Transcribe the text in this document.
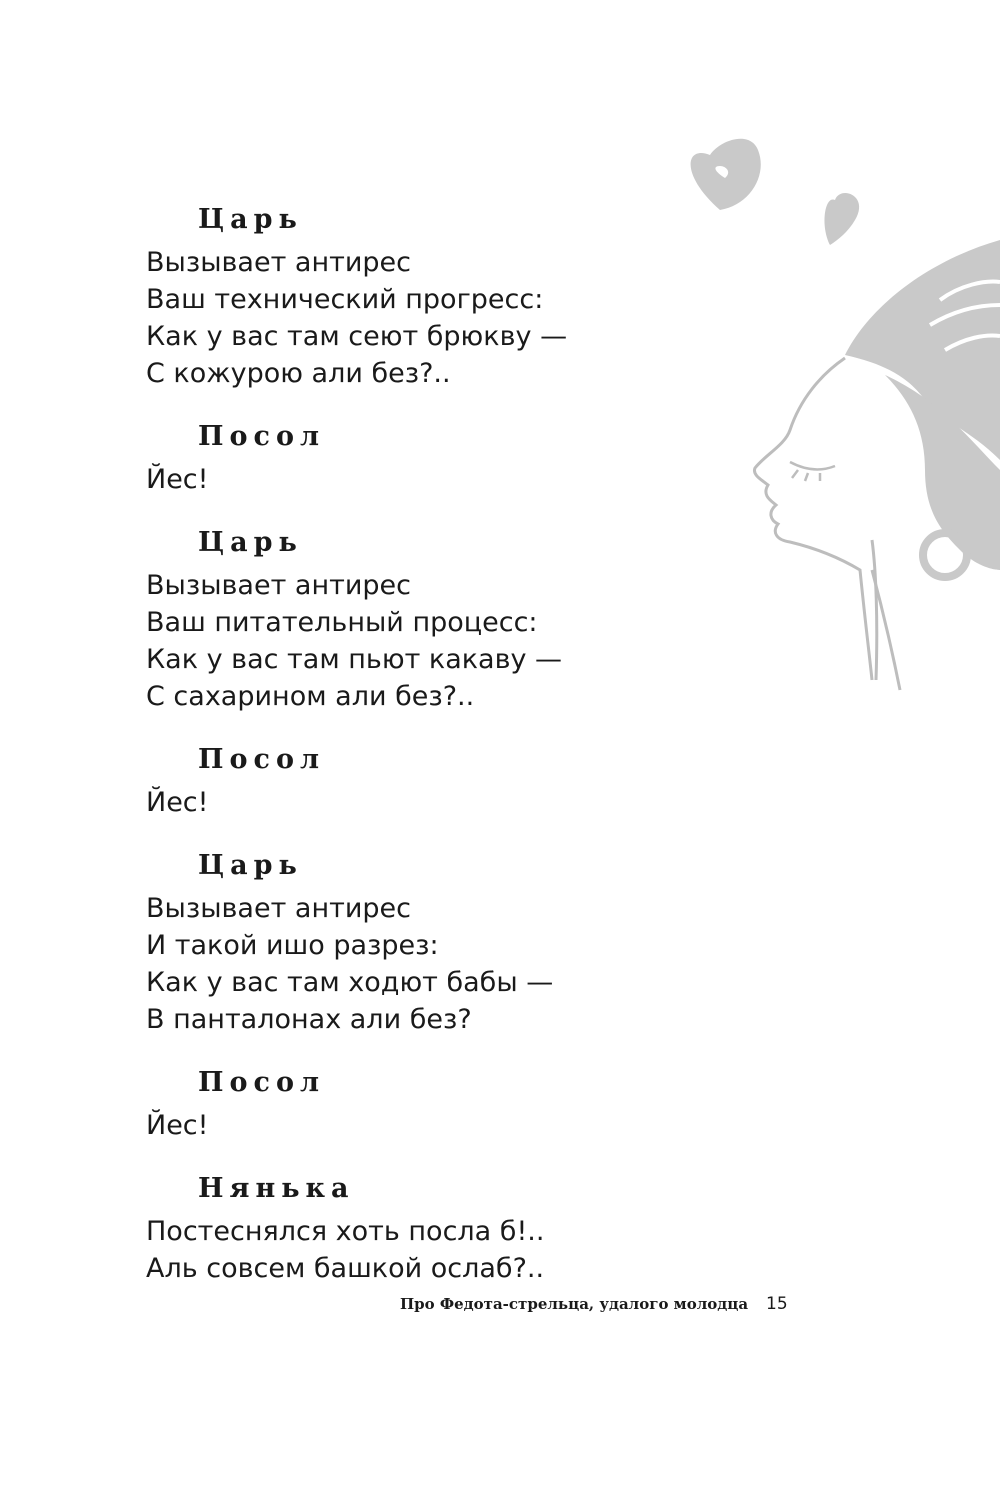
Царь
Вызывает антирес
Ваш технический прогресс:
Как у вас там сеют брюкву —
С кожурою али без?..
Посол
Йес!
Царь
Вызывает антирес
Ваш питательный процесс:
Как у вас там пьют какаву —
С сахарином али без?..
Посол
Йес!
Царь
Вызывает антирес
И такой ишо разрез:
Как у вас там ходют бабы —
В панталонах али без?
Посол
Йес!
Нянька
Постеснялся хоть посла б!..
Аль совсем башкой ослаб?..
Про Федота-стрельца, удалого молодца 15
